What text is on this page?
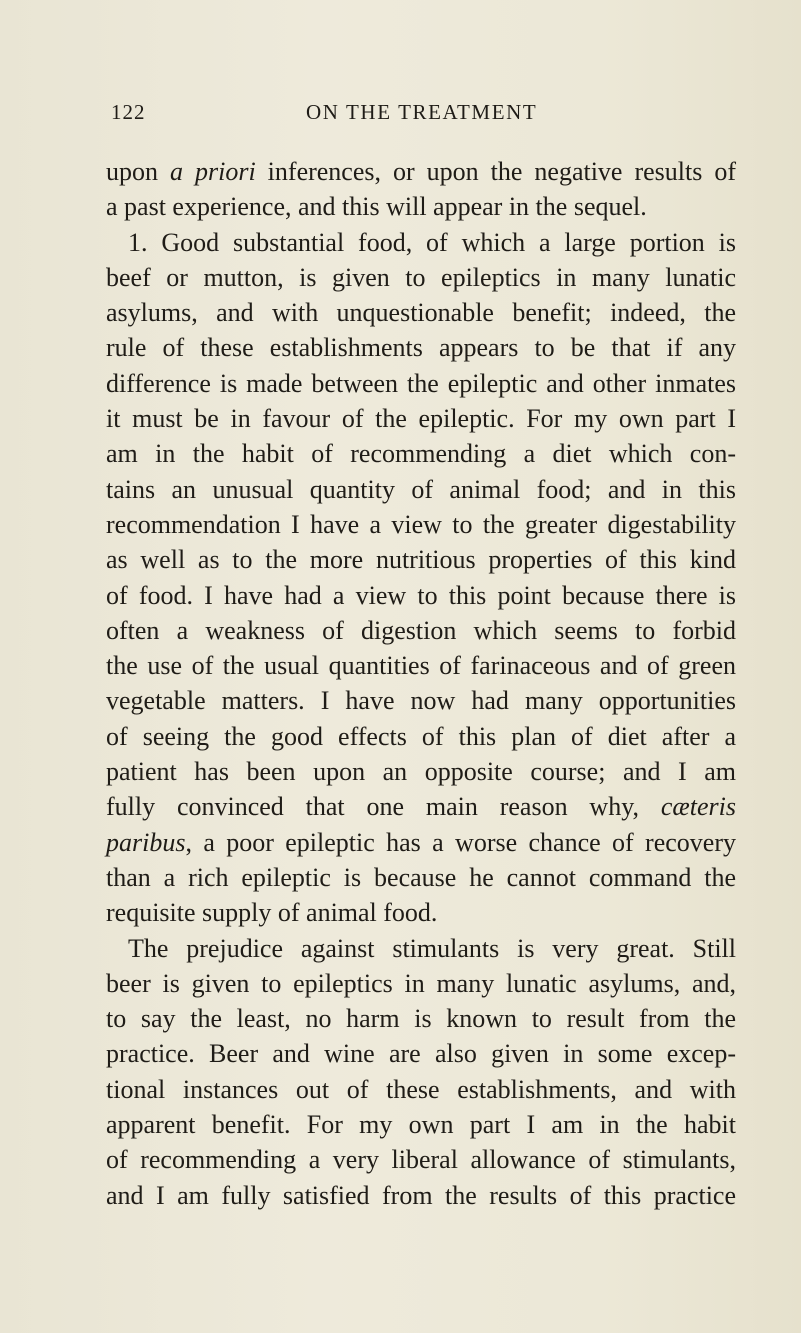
122	ON THE TREATMENT
upon a priori inferences, or upon the negative results of
a past experience, and this will appear in the sequel.
1. Good substantial food, of which a large portion is
beef or mutton, is given to epileptics in many lunatic
asylums, and with unquestionable benefit; indeed, the
rule of these establishments appears to be that if any
difference is made between the epileptic and other inmates
it must be in favour of the epileptic. For my own part I
am in the habit of recommending a diet which con-
tains an unusual quantity of animal food; and in this
recommendation I have a view to the greater digestability
as well as to the more nutritious properties of this kind
of food. I have had a view to this point because there is
often a weakness of digestion which seems to forbid
the use of the usual quantities of farinaceous and of green
vegetable matters. I have now had many opportunities
of seeing the good effects of this plan of diet after a
patient has been upon an opposite course; and I am
fully convinced that one main reason why, cæteris
paribus, a poor epileptic has a worse chance of recovery
than a rich epileptic is because he cannot command the
requisite supply of animal food.
The prejudice against stimulants is very great. Still
beer is given to epileptics in many lunatic asylums, and,
to say the least, no harm is known to result from the
practice. Beer and wine are also given in some excep-
tional instances out of these establishments, and with
apparent benefit. For my own part I am in the habit
of recommending a very liberal allowance of stimulants,
and I am fully satisfied from the results of this practice
